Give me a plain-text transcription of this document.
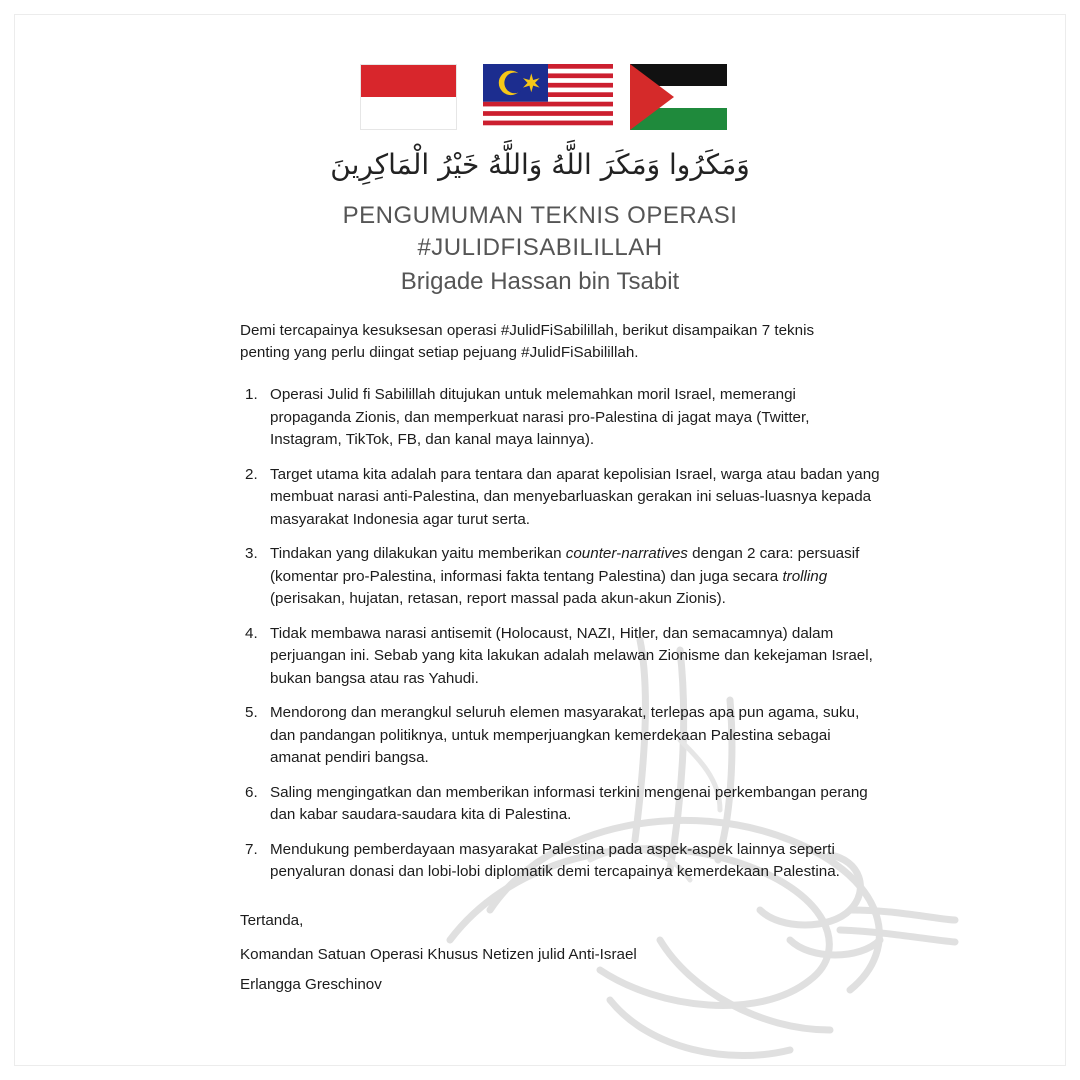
وَمَكَرُوا وَمَكَرَ اللَّهُ وَاللَّهُ خَيْرُ الْمَاكِرِينَ
PENGUMUMAN TEKNIS OPERASI
#JULIDFISABILILLAH
Brigade Hassan bin Tsabit
Demi tercapainya kesuksesan operasi #JulidFiSabilillah, berikut disampaikan 7 teknis penting yang perlu diingat setiap pejuang #JulidFiSabilillah.
1. Operasi Julid fi Sabilillah ditujukan untuk melemahkan moril Israel, memerangi propaganda Zionis, dan memperkuat narasi pro-Palestina di jagat maya (Twitter, Instagram, TikTok, FB, dan kanal maya lainnya).
2. Target utama kita adalah para tentara dan aparat kepolisian Israel, warga atau badan yang membuat narasi anti-Palestina, dan menyebarluaskan gerakan ini seluas-luasnya kepada masyarakat Indonesia agar turut serta.
3. Tindakan yang dilakukan yaitu memberikan counter-narratives dengan 2 cara: persuasif (komentar pro-Palestina, informasi fakta tentang Palestina) dan juga secara trolling (perisakan, hujatan, retasan, report massal pada akun-akun Zionis).
4. Tidak membawa narasi antisemit (Holocaust, NAZI, Hitler, dan semacamnya) dalam perjuangan ini. Sebab yang kita lakukan adalah melawan Zionisme dan kekejaman Israel, bukan bangsa atau ras Yahudi.
5. Mendorong dan merangkul seluruh elemen masyarakat, terlepas apa pun agama, suku, dan pandangan politiknya, untuk memperjuangkan kemerdekaan Palestina sebagai amanat pendiri bangsa.
6. Saling mengingatkan dan memberikan informasi terkini mengenai perkembangan perang dan kabar saudara-saudara kita di Palestina.
7. Mendukung pemberdayaan masyarakat Palestina pada aspek-aspek lainnya seperti penyaluran donasi dan lobi-lobi diplomatik demi tercapainya kemerdekaan Palestina.
Tertanda,
Komandan Satuan Operasi Khusus Netizen julid Anti-Israel
Erlangga Greschinov
